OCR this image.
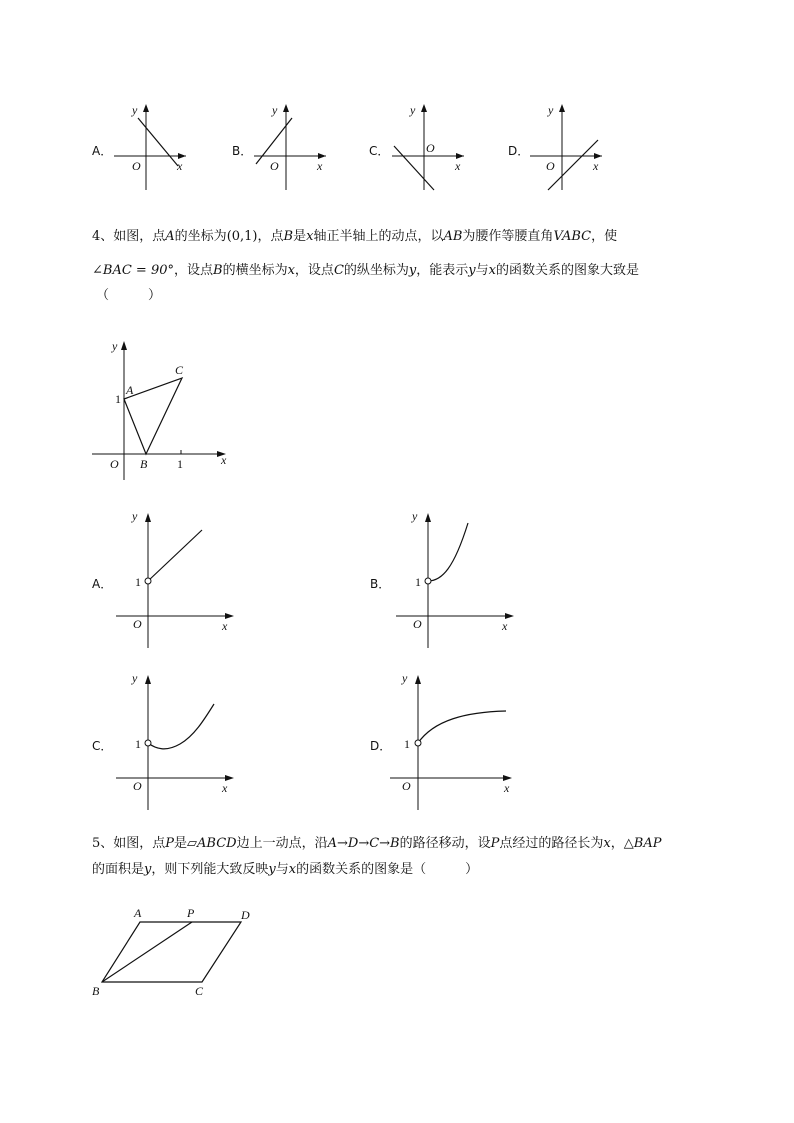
A．
y
O	x
B．
y
O	x
C．
y
O
x
D．
y
O	x
4、如图，点A的坐标为(0,1)，点B是x轴正半轴上的动点，以AB为腰作等腰直角VABC，使
∠BAC = 90°，设点B的横坐标为x，设点C的纵坐标为y，能表示y与x的函数关系的图象大致是
（　　　）
y
A
C
1
O B 1	x
A．
y
1
O	x
B．
y
1
O	x
C．
y
1
O	x
D．
y
1
O	x
5、如图，点P是▱ABCD边上一动点，沿A→D→C→B的路径移动，设P点经过的路径长为x，△BAP
的面积是y，则下列能大致反映y与x的函数关系的图象是（　　　）
A	P	D
B	C
